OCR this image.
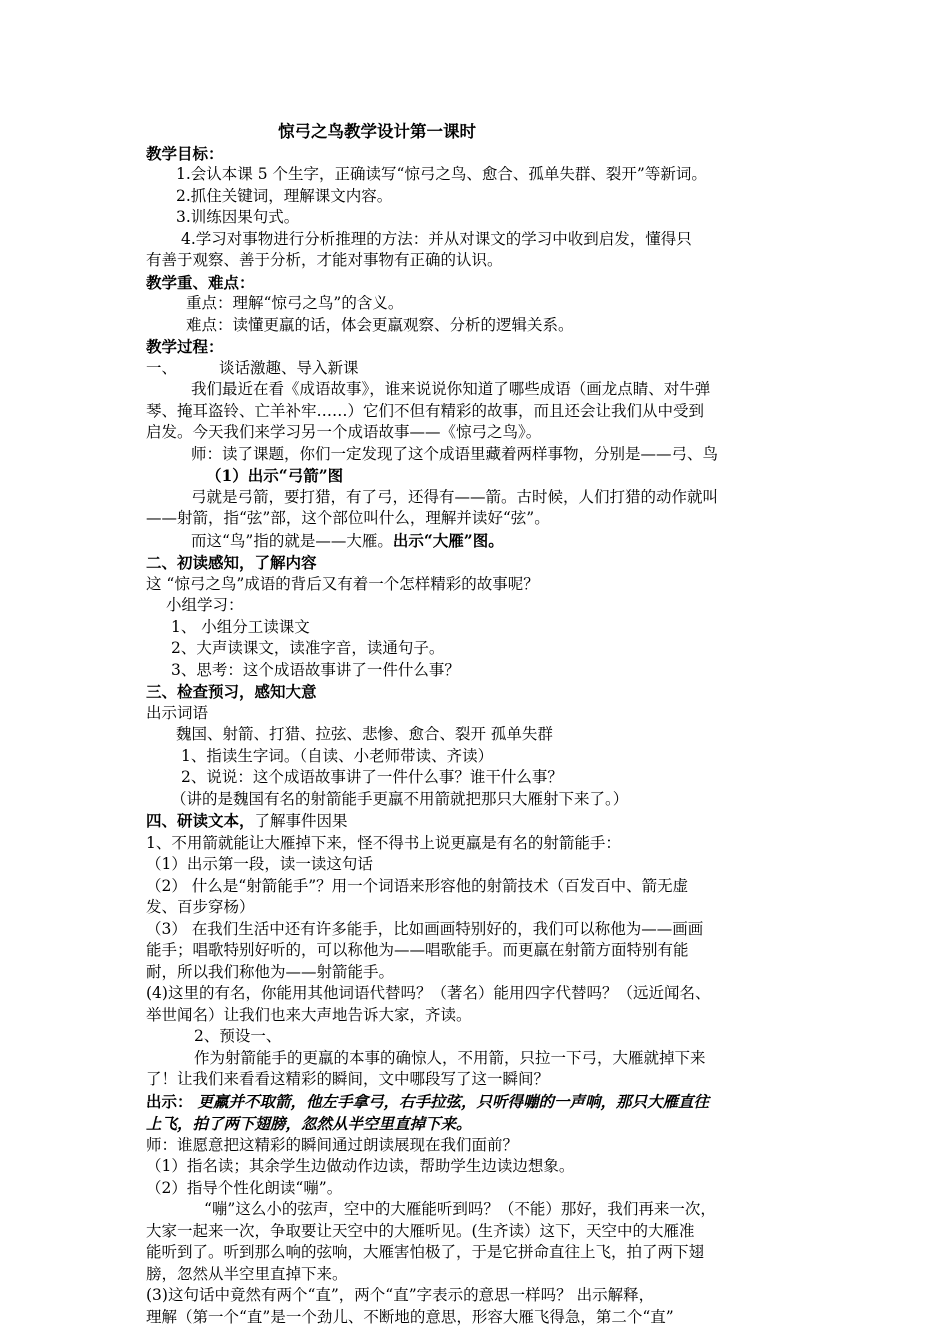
惊弓之鸟教学设计第一课时
教学目标：
1.会认本课 5 个生字，正确读写“惊弓之鸟、愈合、孤单失群、裂开”等新词。
2.抓住关键词，理解课文内容。
3.训练因果句式。
4.学习对事物进行分析推理的方法：并从对课文的学习中收到启发，懂得只
有善于观察、善于分析，才能对事物有正确的认识。
教学重、难点：
重点：理解“惊弓之鸟”的含义。
难点：读懂更羸的话，体会更羸观察、分析的逻辑关系。
教学过程：
一、	谈话激趣、导入新课
我们最近在看《成语故事》，谁来说说你知道了哪些成语（画龙点睛、对牛弹
琴、掩耳盗铃、亡羊补牢……）它们不但有精彩的故事，而且还会让我们从中受到
启发。今天我们来学习另一个成语故事——《惊弓之鸟》。
师：读了课题，你们一定发现了这个成语里藏着两样事物，分别是——弓、鸟
（1）出示“弓箭”图
弓就是弓箭，要打猎，有了弓，还得有——箭。古时候，人们打猎的动作就叫
——射箭，指“弦”部，这个部位叫什么，理解并读好“弦”。
而这“鸟”指的就是——大雁。出示“大雁”图。
二、初读感知，了解内容
这 “惊弓之鸟”成语的背后又有着一个怎样精彩的故事呢？
小组学习：
1、 小组分工读课文
2、大声读课文，读准字音，读通句子。
3、思考：这个成语故事讲了一件什么事？
三、检查预习，感知大意
出示词语
魏国、射箭、打猎、拉弦、悲惨、愈合、裂开 孤单失群
1、指读生字词。（自读、小老师带读、齐读）
2、说说：这个成语故事讲了一件什么事？谁干什么事？
（讲的是魏国有名的射箭能手更羸不用箭就把那只大雁射下来了。）
四、研读文本，了解事件因果
1、不用箭就能让大雁掉下来，怪不得书上说更羸是有名的射箭能手：
（1）出示第一段，读一读这句话
（2） 什么是“射箭能手”？用一个词语来形容他的射箭技术（百发百中、箭无虚
发、百步穿杨）
（3） 在我们生活中还有许多能手，比如画画特别好的，我们可以称他为——画画
能手；唱歌特别好听的，可以称他为——唱歌能手。而更羸在射箭方面特别有能
耐，所以我们称他为——射箭能手。
(4)这里的有名，你能用其他词语代替吗？（著名）能用四字代替吗？（远近闻名、
举世闻名）让我们也来大声地告诉大家，齐读。
2、预设一、
作为射箭能手的更羸的本事的确惊人，不用箭，只拉一下弓，大雁就掉下来
了！让我们来看看这精彩的瞬间，文中哪段写了这一瞬间？
出示： 更羸并不取箭，他左手拿弓，右手拉弦，只听得嘣的一声响，那只大雁直往
上飞，拍了两下翅膀，忽然从半空里直掉下来。
师：谁愿意把这精彩的瞬间通过朗读展现在我们面前？
（1）指名读；其余学生边做动作边读，帮助学生边读边想象。
（2）指导个性化朗读“嘣”。
“嘣”这么小的弦声，空中的大雁能听到吗？（不能）那好，我们再来一次，
大家一起来一次，争取要让天空中的大雁听见。(生齐读）这下，天空中的大雁准
能听到了。听到那么响的弦响，大雁害怕极了，于是它拼命直往上飞，拍了两下翅
膀，忽然从半空里直掉下来。
(3)这句话中竟然有两个“直”，两个“直”字表示的意思一样吗？ 出示解释，
理解（第一个“直”是一个劲儿、不断地的意思，形容大雁飞得急，第二个“直”
